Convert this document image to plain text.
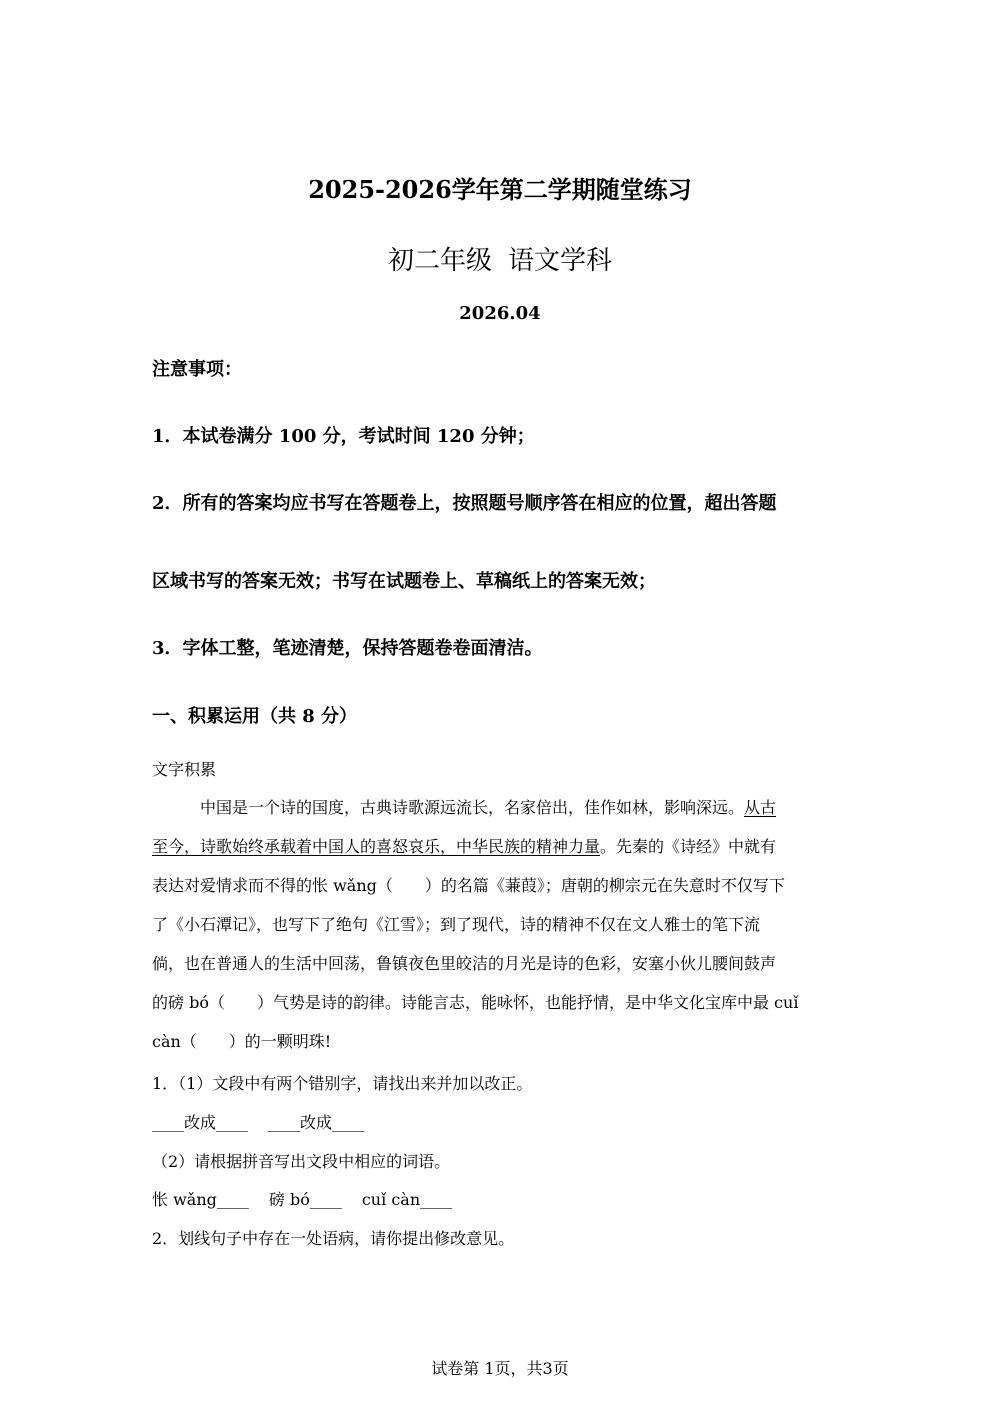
2025-2026学年第二学期随堂练习
初二年级 语文学科
2026.04
注意事项：
1．本试卷满分 100 分，考试时间 120 分钟；
2．所有的答案均应书写在答题卷上，按照题号顺序答在相应的位置，超出答题
区域书写的答案无效；书写在试题卷上、草稿纸上的答案无效；
3．字体工整，笔迹清楚，保持答题卷卷面清洁。
一、积累运用（共 8 分）
文字积累
中国是一个诗的国度，古典诗歌源远流长，名家倍出，佳作如林，影响深远。从古
至今，诗歌始终承载着中国人的喜怒哀乐，中华民族的精神力量。先秦的《诗经》中就有
表达对爱情求而不得的怅 wǎng（　　）的名篇《蒹葭》；唐朝的柳宗元在失意时不仅写下
了《小石潭记》，也写下了绝句《江雪》；到了现代，诗的精神不仅在文人雅士的笔下流
倘，也在普通人的生活中回荡，鲁镇夜色里皎洁的月光是诗的色彩，安塞小伙儿腰间鼓声
的磅 bó（　　）气势是诗的韵律。诗能言志，能咏怀，也能抒情，是中华文化宝库中最 cuǐ
càn（　　）的一颗明珠!
1．（1）文段中有两个错别字，请找出来并加以改正。
____改成____ ____改成____
（2）请根据拼音写出文段中相应的词语。
怅 wǎng____ 磅 bó____ cuǐ càn____
2．划线句子中存在一处语病，请你提出修改意见。
试卷第 1页，共3页
